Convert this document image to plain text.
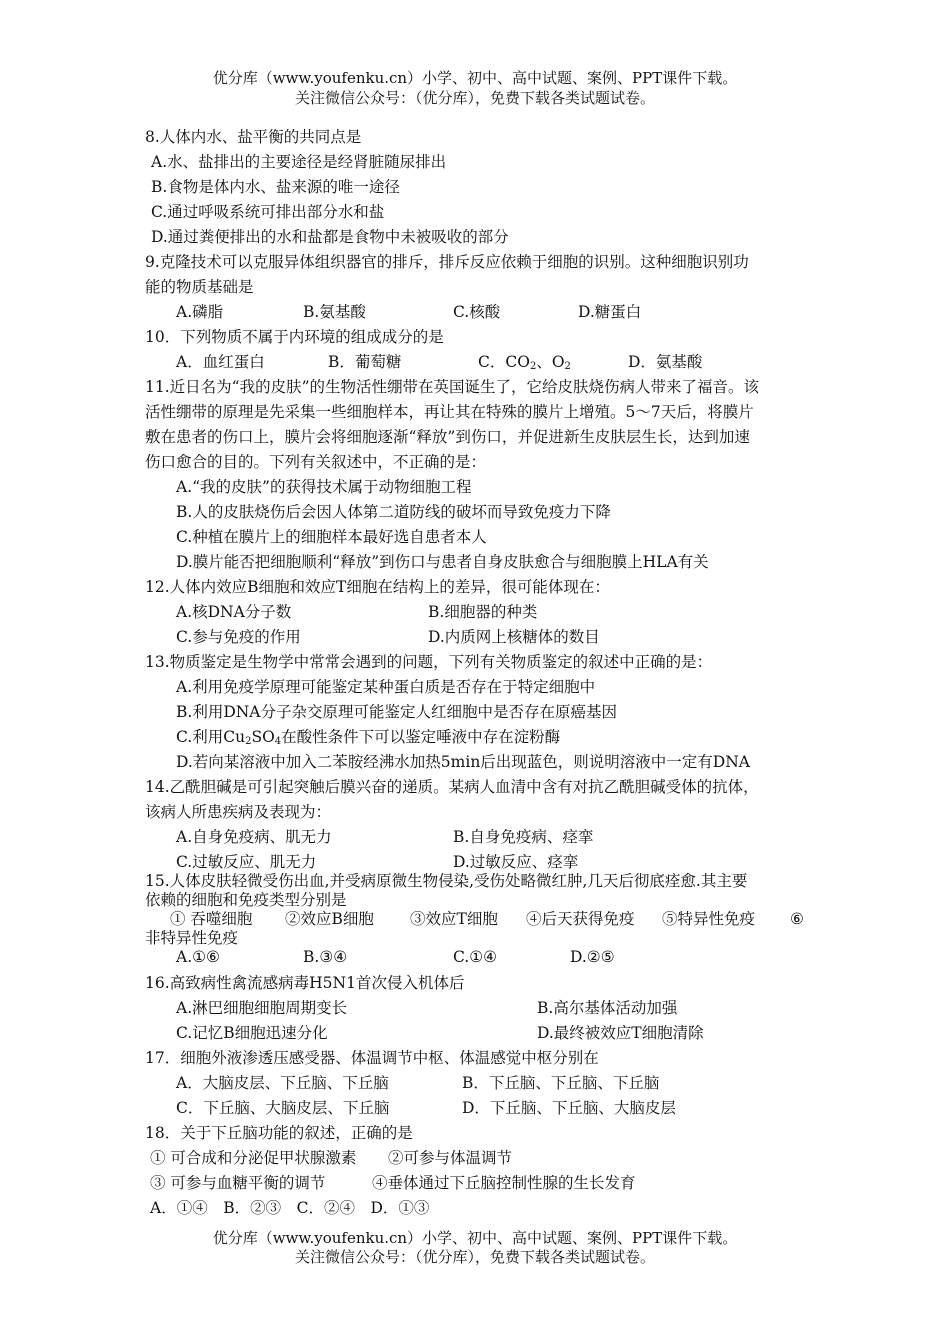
优分库（www.youfenku.cn）小学、初中、高中试题、案例、PPT课件下载。
关注微信公众号：（优分库），免费下载各类试题试卷。
8.人体内水、盐平衡的共同点是
A.水、盐排出的主要途径是经肾脏随尿排出
B.食物是体内水、盐来源的唯一途径
C.通过呼吸系统可排出部分水和盐
D.通过粪便排出的水和盐都是食物中未被吸收的部分
9.克隆技术可以克服异体组织器官的排斥，排斥反应依赖于细胞的识别。这种细胞识别功
能的物质基础是
A.磷脂	B.氨基酸	C.核酸	D.糖蛋白
10．下列物质不属于内环境的组成成分的是
A．血红蛋白	B．葡萄糖	C．$CO_2$、$O_2$	D．氨基酸
11.近日名为“我的皮肤”的生物活性绷带在英国诞生了，它给皮肤烧伤病人带来了福音。该
活性绷带的原理是先采集一些细胞样本，再让其在特殊的膜片上增殖。5～7天后，将膜片
敷在患者的伤口上，膜片会将细胞逐渐“释放”到伤口，并促进新生皮肤层生长，达到加速
伤口愈合的目的。下列有关叙述中，不正确的是：
A.“我的皮肤”的获得技术属于动物细胞工程
B.人的皮肤烧伤后会因人体第二道防线的破坏而导致免疫力下降
C.种植在膜片上的细胞样本最好选自患者本人
D.膜片能否把细胞顺利“释放”到伤口与患者自身皮肤愈合与细胞膜上HLA有关
12.人体内效应B细胞和效应T细胞在结构上的差异，很可能体现在：
A.核DNA分子数	B.细胞器的种类
C.参与免疫的作用	D.内质网上核糖体的数目
13.物质鉴定是生物学中常常会遇到的问题，下列有关物质鉴定的叙述中正确的是：
A.利用免疫学原理可能鉴定某种蛋白质是否存在于特定细胞中
B.利用DNA分子杂交原理可能鉴定人红细胞中是否存在原癌基因
C.利用$Cu_2SO_4$在酸性条件下可以鉴定唾液中存在淀粉酶
D.若向某溶液中加入二苯胺经沸水加热5min后出现蓝色，则说明溶液中一定有DNA
14.乙酰胆碱是可引起突触后膜兴奋的递质。某病人血清中含有对抗乙酰胆碱受体的抗体，
该病人所患疾病及表现为：
A.自身免疫病、肌无力	B.自身免疫病、痉挛
C.过敏反应、肌无力	D.过敏反应、痉挛
15.人体皮肤轻微受伤出血,并受病原微生物侵染,受伤处略微红肿,几天后彻底痊愈.其主要
依赖的细胞和免疫类型分别是
① 吞噬细胞 ②效应B细胞 ③效应T细胞 ④后天获得免疫 ⑤特异性免疫 ⑥
非特异性免疫
A.①⑥	B.③④	C.①④	D.②⑤
16.高致病性禽流感病毒H5N1首次侵入机体后
A.淋巴细胞细胞周期变长	B.高尔基体活动加强
C.记忆B细胞迅速分化	D.最终被效应T细胞清除
17．细胞外液渗透压感受器、体温调节中枢、体温感觉中枢分别在
A．大脑皮层、下丘脑、下丘脑	B．下丘脑、下丘脑、下丘脑
C．下丘脑、大脑皮层、下丘脑	D．下丘脑、下丘脑、大脑皮层
18．关于下丘脑功能的叙述，正确的是
① 可合成和分泌促甲状腺激素 ②可参与体温调节
③ 可参与血糖平衡的调节	④垂体通过下丘脑控制性腺的生长发育
A．①④　B．②③　C．②④　D．①③
优分库（www.youfenku.cn）小学、初中、高中试题、案例、PPT课件下载。
关注微信公众号：（优分库），免费下载各类试题试卷。
